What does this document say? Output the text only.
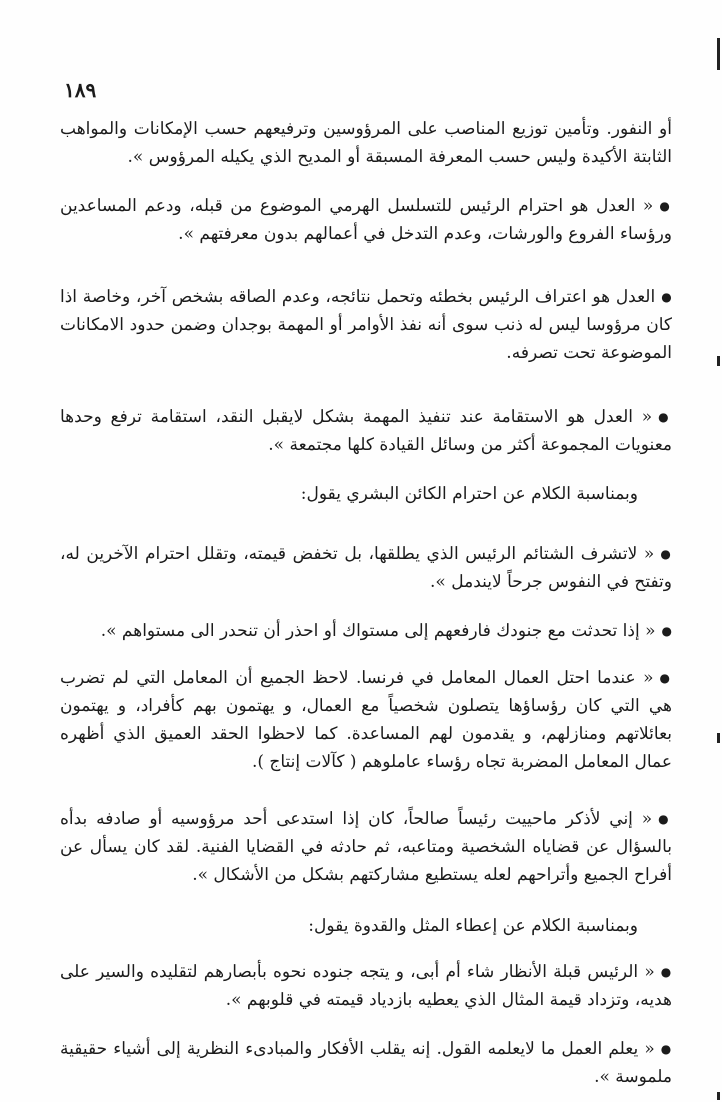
١٨٩

أو النفور. وتأمين توزيع المناصب على المرؤوسين وترفيعهم حسب الإمكانات والمواهب الثابتة الأكيدة وليس حسب المعرفة المسبقة أو المديح الذي يكيله المرؤوس ».

●« العدل هو احترام الرئيس للتسلسل الهرمي الموضوع من قبله، ودعم المساعدين ورؤساء الفروع والورشات، وعدم التدخل في أعمالهم بدون معرفتهم ».

●العدل هو اعتراف الرئيس بخطئه وتحمل نتائجه، وعدم الصاقه بشخص آخر، وخاصة اذا كان مرؤوسا ليس له ذنب سوى أنه نفذ الأوامر أو المهمة بوجدان وضمن حدود الامكانات الموضوعة تحت تصرفه.

●« العدل هو الاستقامة عند تنفيذ المهمة بشكل لايقبل النقد، استقامة ترفع وحدها معنويات المجموعة أكثر من وسائل القيادة كلها مجتمعة ».

وبمناسبة الكلام عن احترام الكائن البشري يقول:

●« لاتشرف الشتائم الرئيس الذي يطلقها، بل تخفض قيمته، وتقلل احترام الآخرين له، وتفتح في النفوس جرحاً لايندمل ».

●« إذا تحدثت مع جنودك فارفعهم إلى مستواك أو احذر أن تنحدر الى مستواهم ».

●« عندما احتل العمال المعامل في فرنسا. لاحظ الجميع أن المعامل التي لم تضرب هي التي كان رؤساؤها يتصلون شخصياً مع العمال، و يهتمون بهم كأفراد، و يهتمون بعائلاتهم ومنازلهم، و يقدمون لهم المساعدة. كما لاحظوا الحقد العميق الذي أظهره عمال المعامل المضربة تجاه رؤساء عاملوهم ( كآلات إنتاج ).

●« إني لأذكر ماحييت رئيساً صالحاً، كان إذا استدعى أحد مرؤوسيه أو صادفه بدأه بالسؤال عن قضاياه الشخصية ومتاعبه، ثم حادثه في القضايا الفنية. لقد كان يسأل عن أفراح الجميع وأتراحهم لعله يستطيع مشاركتهم بشكل من الأشكال ».

وبمناسبة الكلام عن إعطاء المثل والقدوة يقول:

●« الرئيس قبلة الأنظار شاء أم أبى، و يتجه جنوده نحوه بأبصارهم لتقليده والسير على هديه، وتزداد قيمة المثال الذي يعطيه بازدياد قيمته في قلوبهم ».

●« يعلم العمل ما لايعلمه القول. إنه يقلب الأفكار والمبادىء النظرية إلى أشياء حقيقية ملموسة ».
